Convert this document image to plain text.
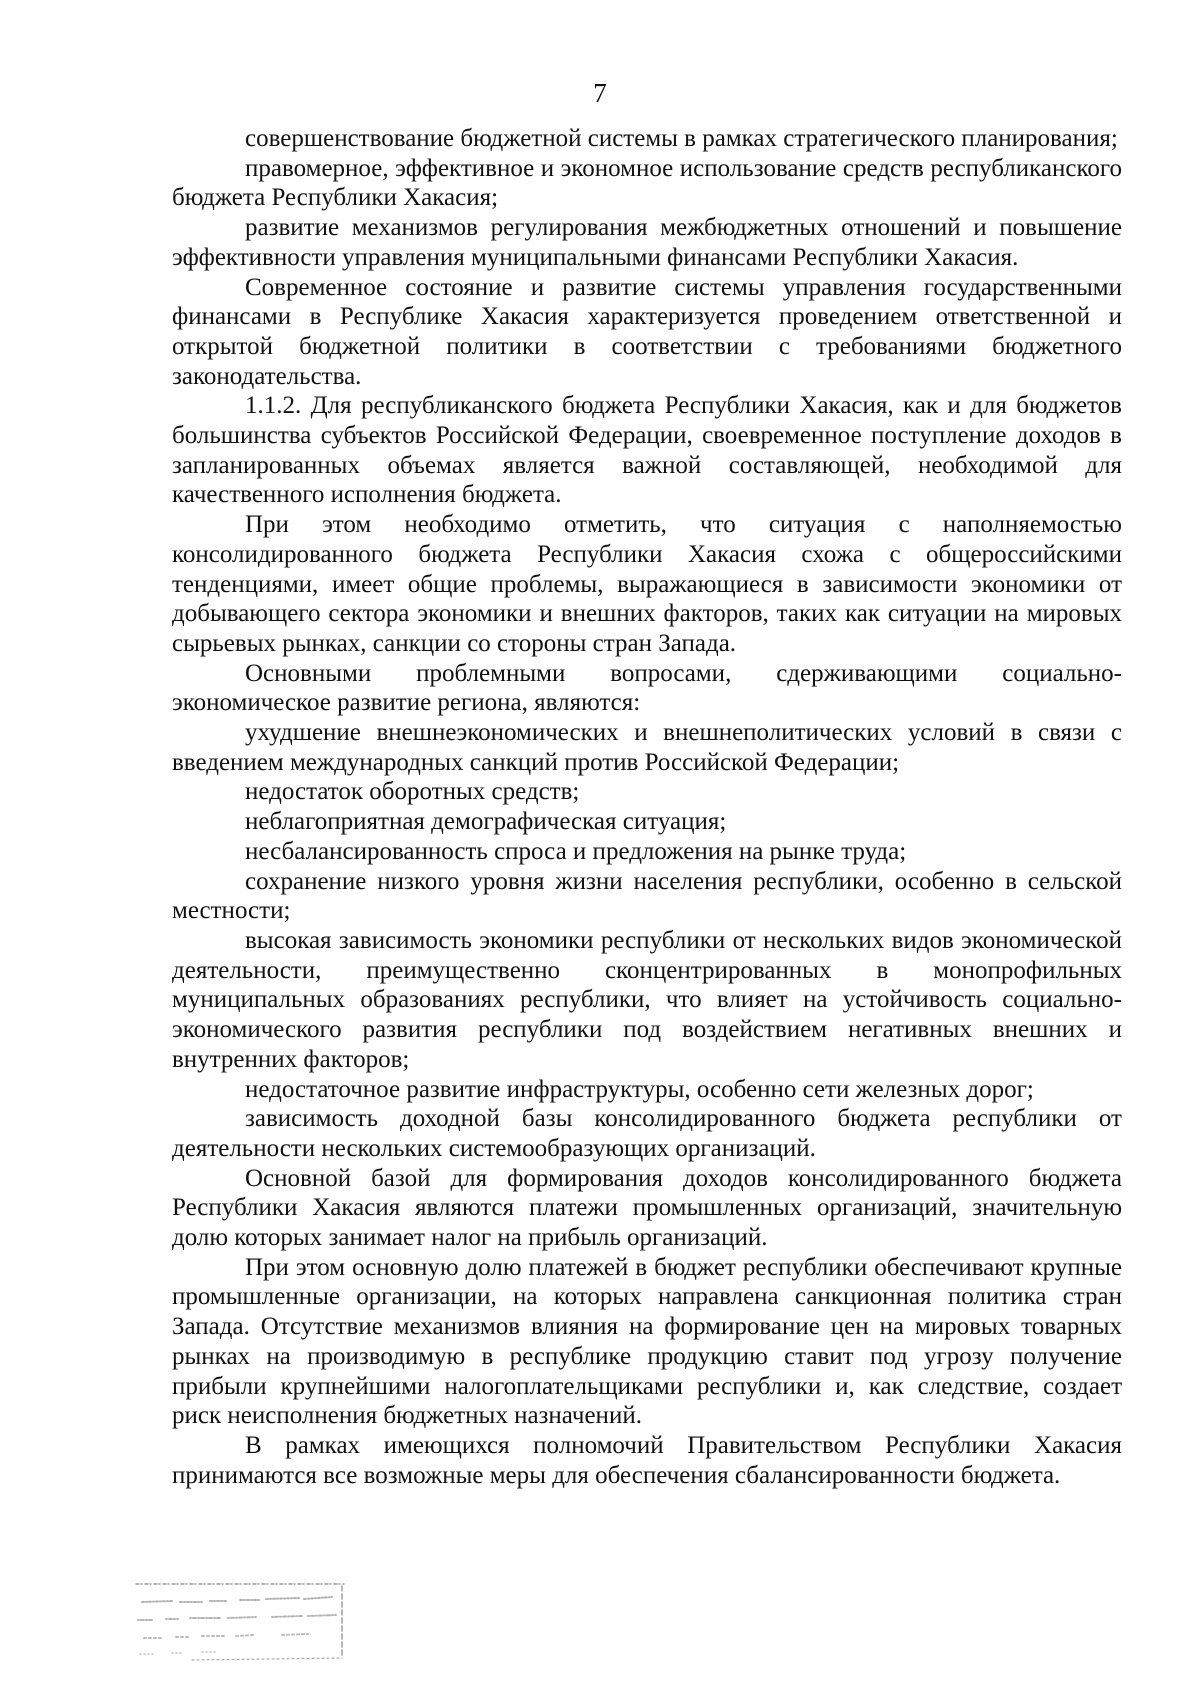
7

совершенствование бюджетной системы в рамках стратегического планирования;

правомерное, эффективное и экономное использование средств республиканского бюджета Республики Хакасия;

развитие механизмов регулирования межбюджетных отношений и повышение эффективности управления муниципальными финансами Республики Хакасия.

Современное состояние и развитие системы управления государственными финансами в Республике Хакасия характеризуется проведением ответственной и открытой бюджетной политики в соответствии с требованиями бюджетного законодательства.

1.1.2. Для республиканского бюджета Республики Хакасия, как и для бюджетов большинства субъектов Российской Федерации, своевременное поступление доходов в запланированных объемах является важной составляющей, необходимой для качественного исполнения бюджета.

При этом необходимо отметить, что ситуация с наполняемостью консолидированного бюджета Республики Хакасия схожа с общероссийскими тенденциями, имеет общие проблемы, выражающиеся в зависимости экономики от добывающего сектора экономики и внешних факторов, таких как ситуации на мировых сырьевых рынках, санкции со стороны стран Запада.

Основными проблемными вопросами, сдерживающими социально-экономическое развитие региона, являются:

ухудшение внешнеэкономических и внешнеполитических условий в связи с введением международных санкций против Российской Федерации;

недостаток оборотных средств;

неблагоприятная демографическая ситуация;

несбалансированность спроса и предложения на рынке труда;

сохранение низкого уровня жизни населения республики, особенно в сельской местности;

высокая зависимость экономики республики от нескольких видов экономической деятельности, преимущественно сконцентрированных в монопрофильных муниципальных образованиях республики, что влияет на устойчивость социально-экономического развития республики под воздействием негативных внешних и внутренних факторов;

недостаточное развитие инфраструктуры, особенно сети железных дорог;

зависимость доходной базы консолидированного бюджета республики от деятельности нескольких системообразующих организаций.

Основной базой для формирования доходов консолидированного бюджета Республики Хакасия являются платежи промышленных организаций, значительную долю которых занимает налог на прибыль организаций.

При этом основную долю платежей в бюджет республики обеспечивают крупные промышленные организации, на которых направлена санкционная политика стран Запада. Отсутствие механизмов влияния на формирование цен на мировых товарных рынках на производимую в республике продукцию ставит под угрозу получение прибыли крупнейшими налогоплательщиками республики и, как следствие, создает риск неисполнения бюджетных назначений.

В рамках имеющихся полномочий Правительством Республики Хакасия принимаются все возможные меры для обеспечения сбалансированности бюджета.
